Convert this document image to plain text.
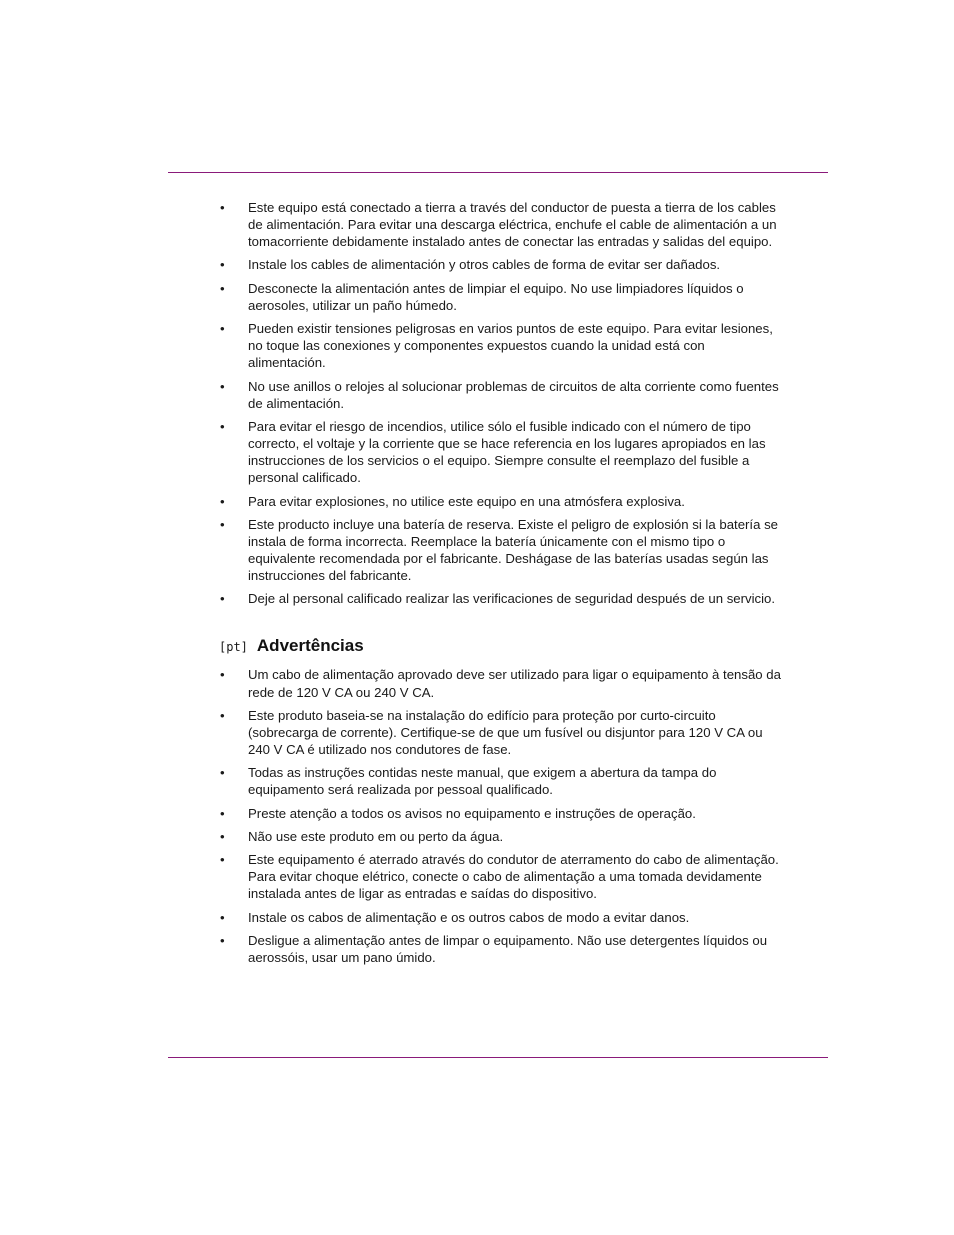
• Este equipo está conectado a tierra a través del conductor de puesta a tierra de los cables de alimentación. Para evitar una descarga eléctrica, enchufe el cable de alimentación a un tomacorriente debidamente instalado antes de conectar las entradas y salidas del equipo.
• Instale los cables de alimentación y otros cables de forma de evitar ser dañados.
• Desconecte la alimentación antes de limpiar el equipo. No use limpiadores líquidos o aerosoles, utilizar un paño húmedo.
• Pueden existir tensiones peligrosas en varios puntos de este equipo. Para evitar lesiones, no toque las conexiones y componentes expuestos cuando la unidad está con alimentación.
• No use anillos o relojes al solucionar problemas de circuitos de alta corriente como fuentes de alimentación.
• Para evitar el riesgo de incendios, utilice sólo el fusible indicado con el número de tipo correcto, el voltaje y la corriente que se hace referencia en los lugares apropiados en las instrucciones de los servicios o el equipo. Siempre consulte el reemplazo del fusible a personal calificado.
• Para evitar explosiones, no utilice este equipo en una atmósfera explosiva.
• Este producto incluye una batería de reserva. Existe el peligro de explosión si la batería se instala de forma incorrecta. Reemplace la batería únicamente con el mismo tipo o equivalente recomendada por el fabricante. Deshágase de las baterías usadas según las instrucciones del fabricante.
• Deje al personal calificado realizar las verificaciones de seguridad después de un servicio.
[pt] Advertências
• Um cabo de alimentação aprovado deve ser utilizado para ligar o equipamento à tensão da rede de 120 V CA ou 240 V CA.
• Este produto baseia-se na instalação do edifício para proteção por curto-circuito (sobrecarga de corrente). Certifique-se de que um fusível ou disjuntor para 120 V CA ou 240 V CA é utilizado nos condutores de fase.
• Todas as instruções contidas neste manual, que exigem a abertura da tampa do equipamento será realizada por pessoal qualificado.
• Preste atenção a todos os avisos no equipamento e instruções de operação.
• Não use este produto em ou perto da água.
• Este equipamento é aterrado através do condutor de aterramento do cabo de alimentação. Para evitar choque elétrico, conecte o cabo de alimentação a uma tomada devidamente instalada antes de ligar as entradas e saídas do dispositivo.
• Instale os cabos de alimentação e os outros cabos de modo a evitar danos.
• Desligue a alimentação antes de limpar o equipamento. Não use detergentes líquidos ou aerossóis, usar um pano úmido.
